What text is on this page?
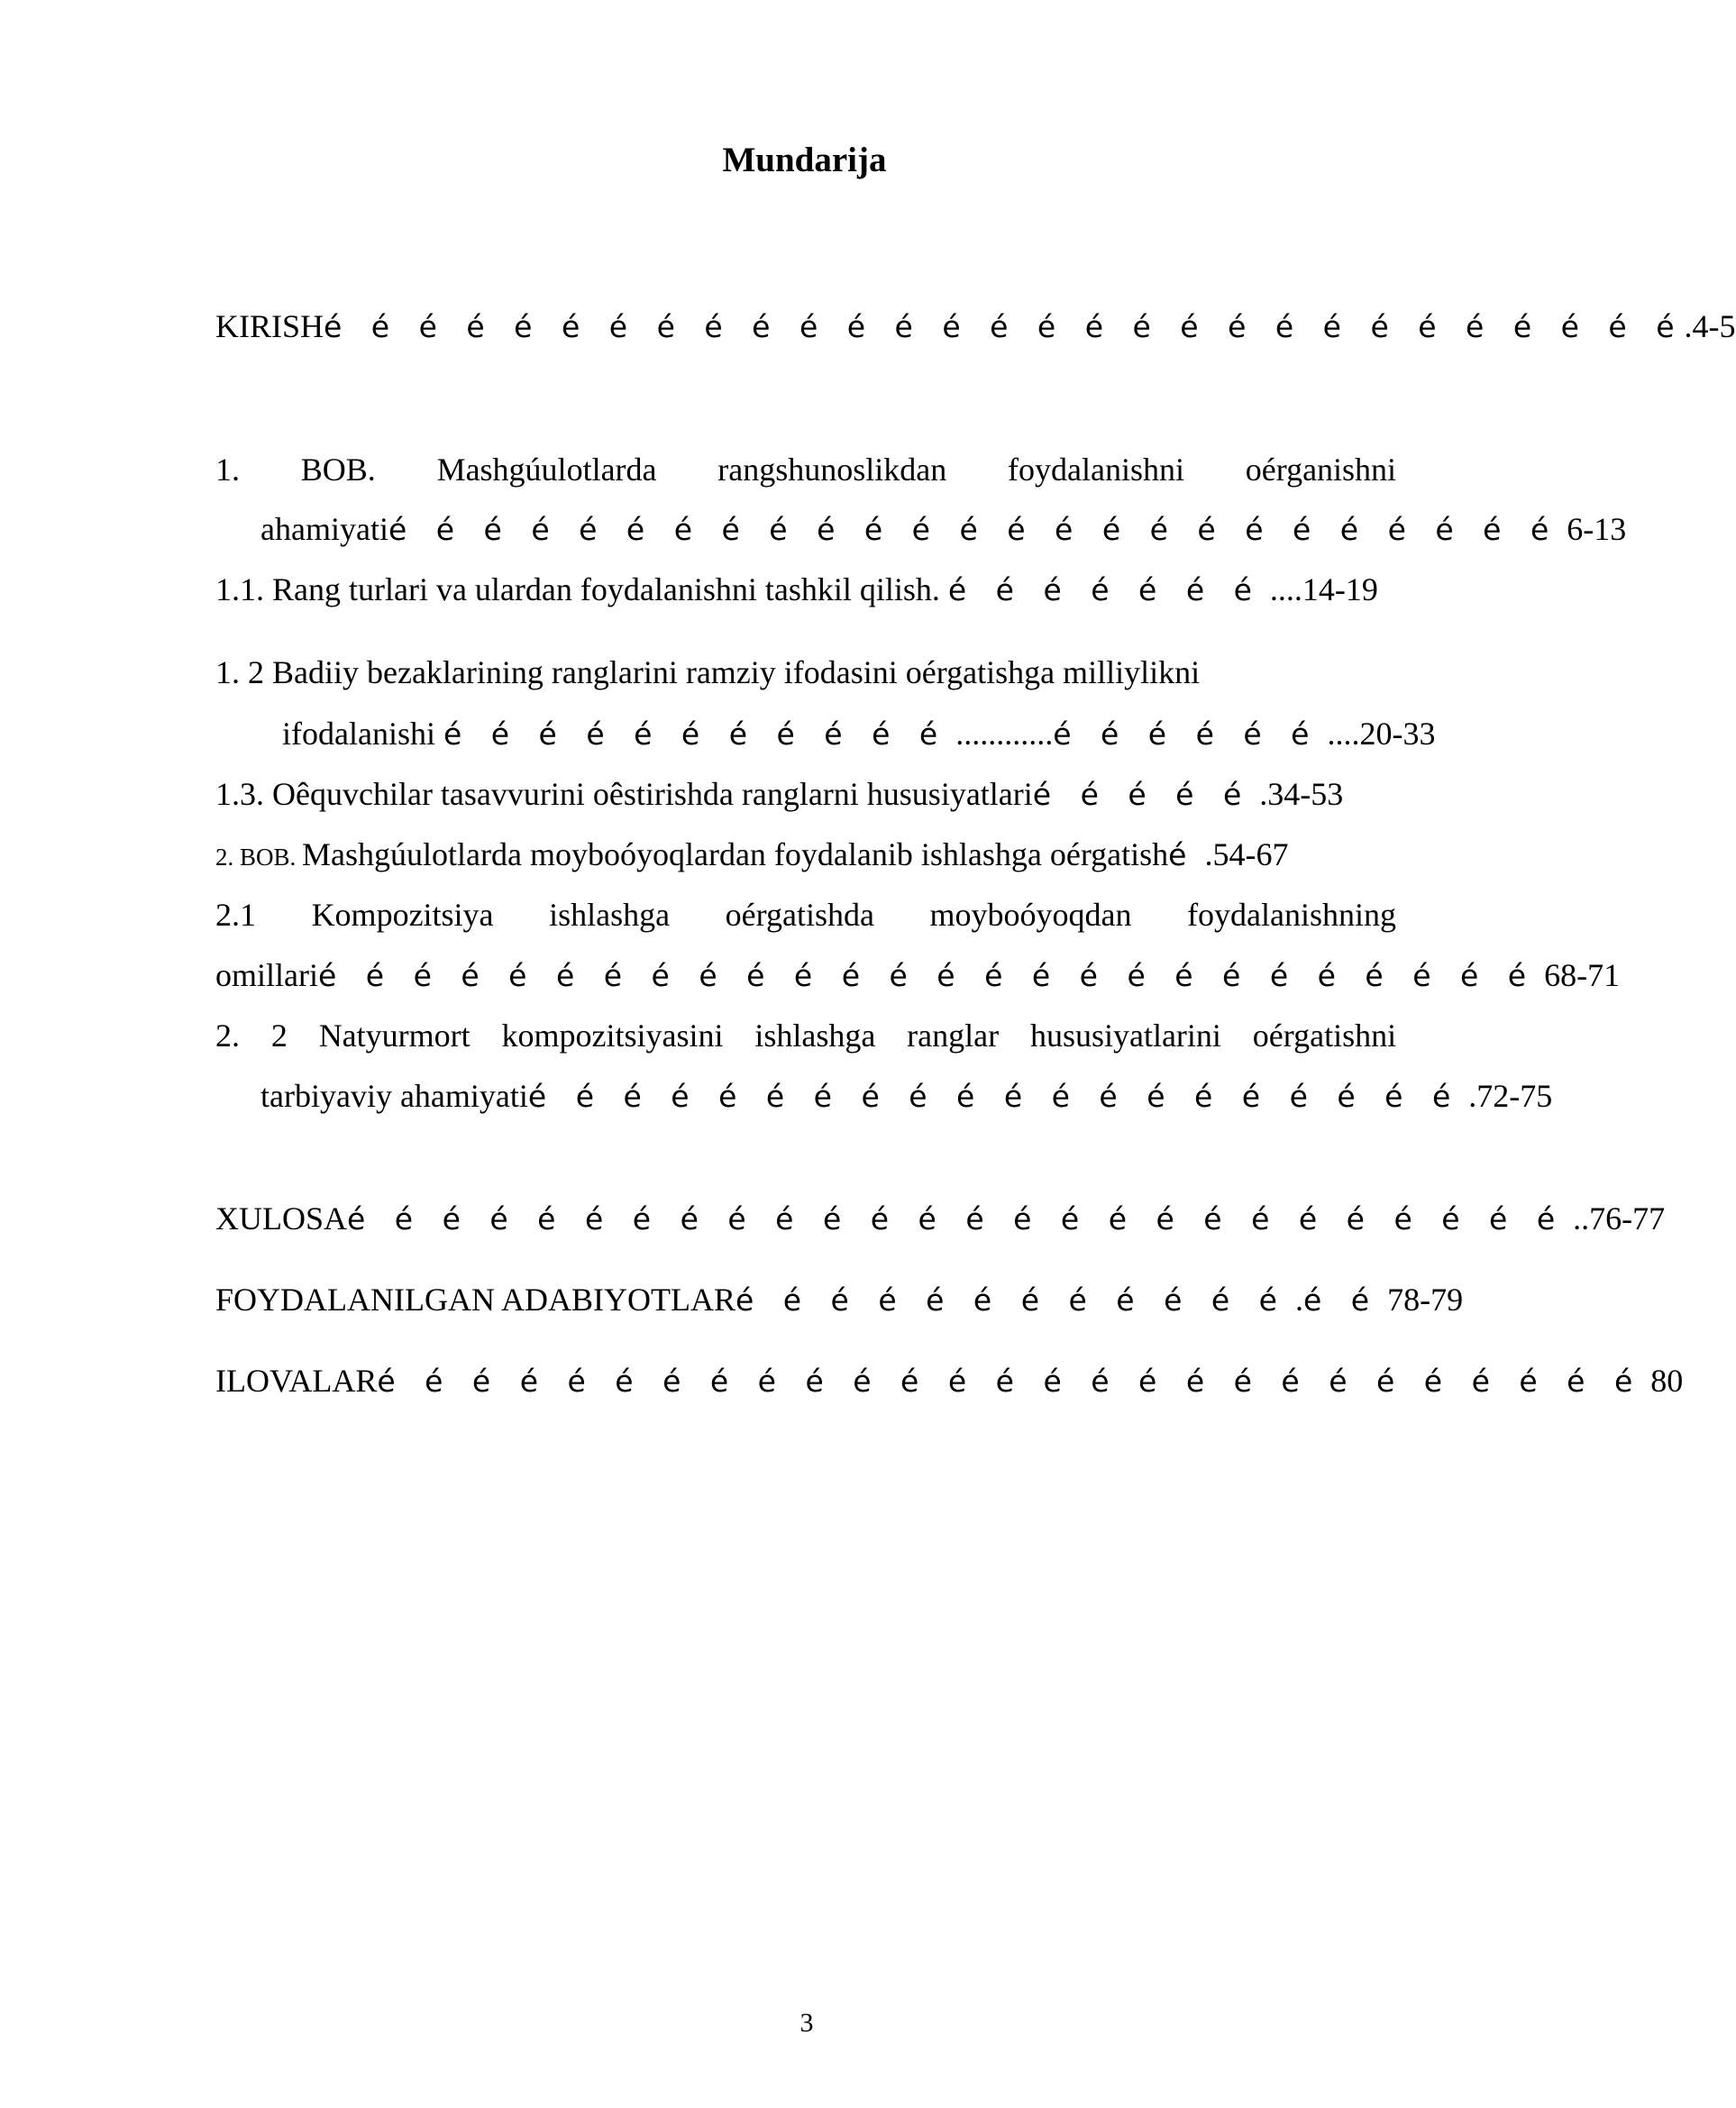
Mundarija
KIRISHé é é é é é é é é é é é é é é é é é é é é é é é é é é é é.4-5
1. BOB. Mashgúulotlarda rangshunoslikdan foydalanishni oérganishni
ahamiyatié é é é é é é é é é é é é é é é é é é é é é é é é 6-13
1.1. Rang turlari va ulardan foydalanishni tashkil qilish. é é é é é é é ....14-19
1. 2 Badiiy bezaklarining ranglarini ramziy ifodasini oérgatishga milliylikni
ifodalanishi é é é é é é é é é é é ............é é é é é é ....20-33
1.3. Oêquvchilar tasavvurini oêstirishda ranglarni hususiyatlarié é é é é .34-53
2. BOB. Mashgúulotlarda moyboóyoqlardan foydalanib ishlashga oérgatishé .54-67
2.1 Kompozitsiya ishlashga oérgatishda moyboóyoqdan foydalanishning
omillarié é é é é é é é é é é é é é é é é é é é é é é é é é 68-71
2. 2 Natyurmort kompozitsiyasini ishlashga ranglar hususiyatlarini oérgatishni
tarbiyaviy ahamiyatié é é é é é é é é é é é é é é é é é é é .72-75
XULOSAé é é é é é é é é é é é é é é é é é é é é é é é é é ..76-77
FOYDALANILGAN ADABIYOTLARé é é é é é é é é é é é .é é 78-79
ILOVALARé é é é é é é é é é é é é é é é é é é é é é é é é é é 80
3
